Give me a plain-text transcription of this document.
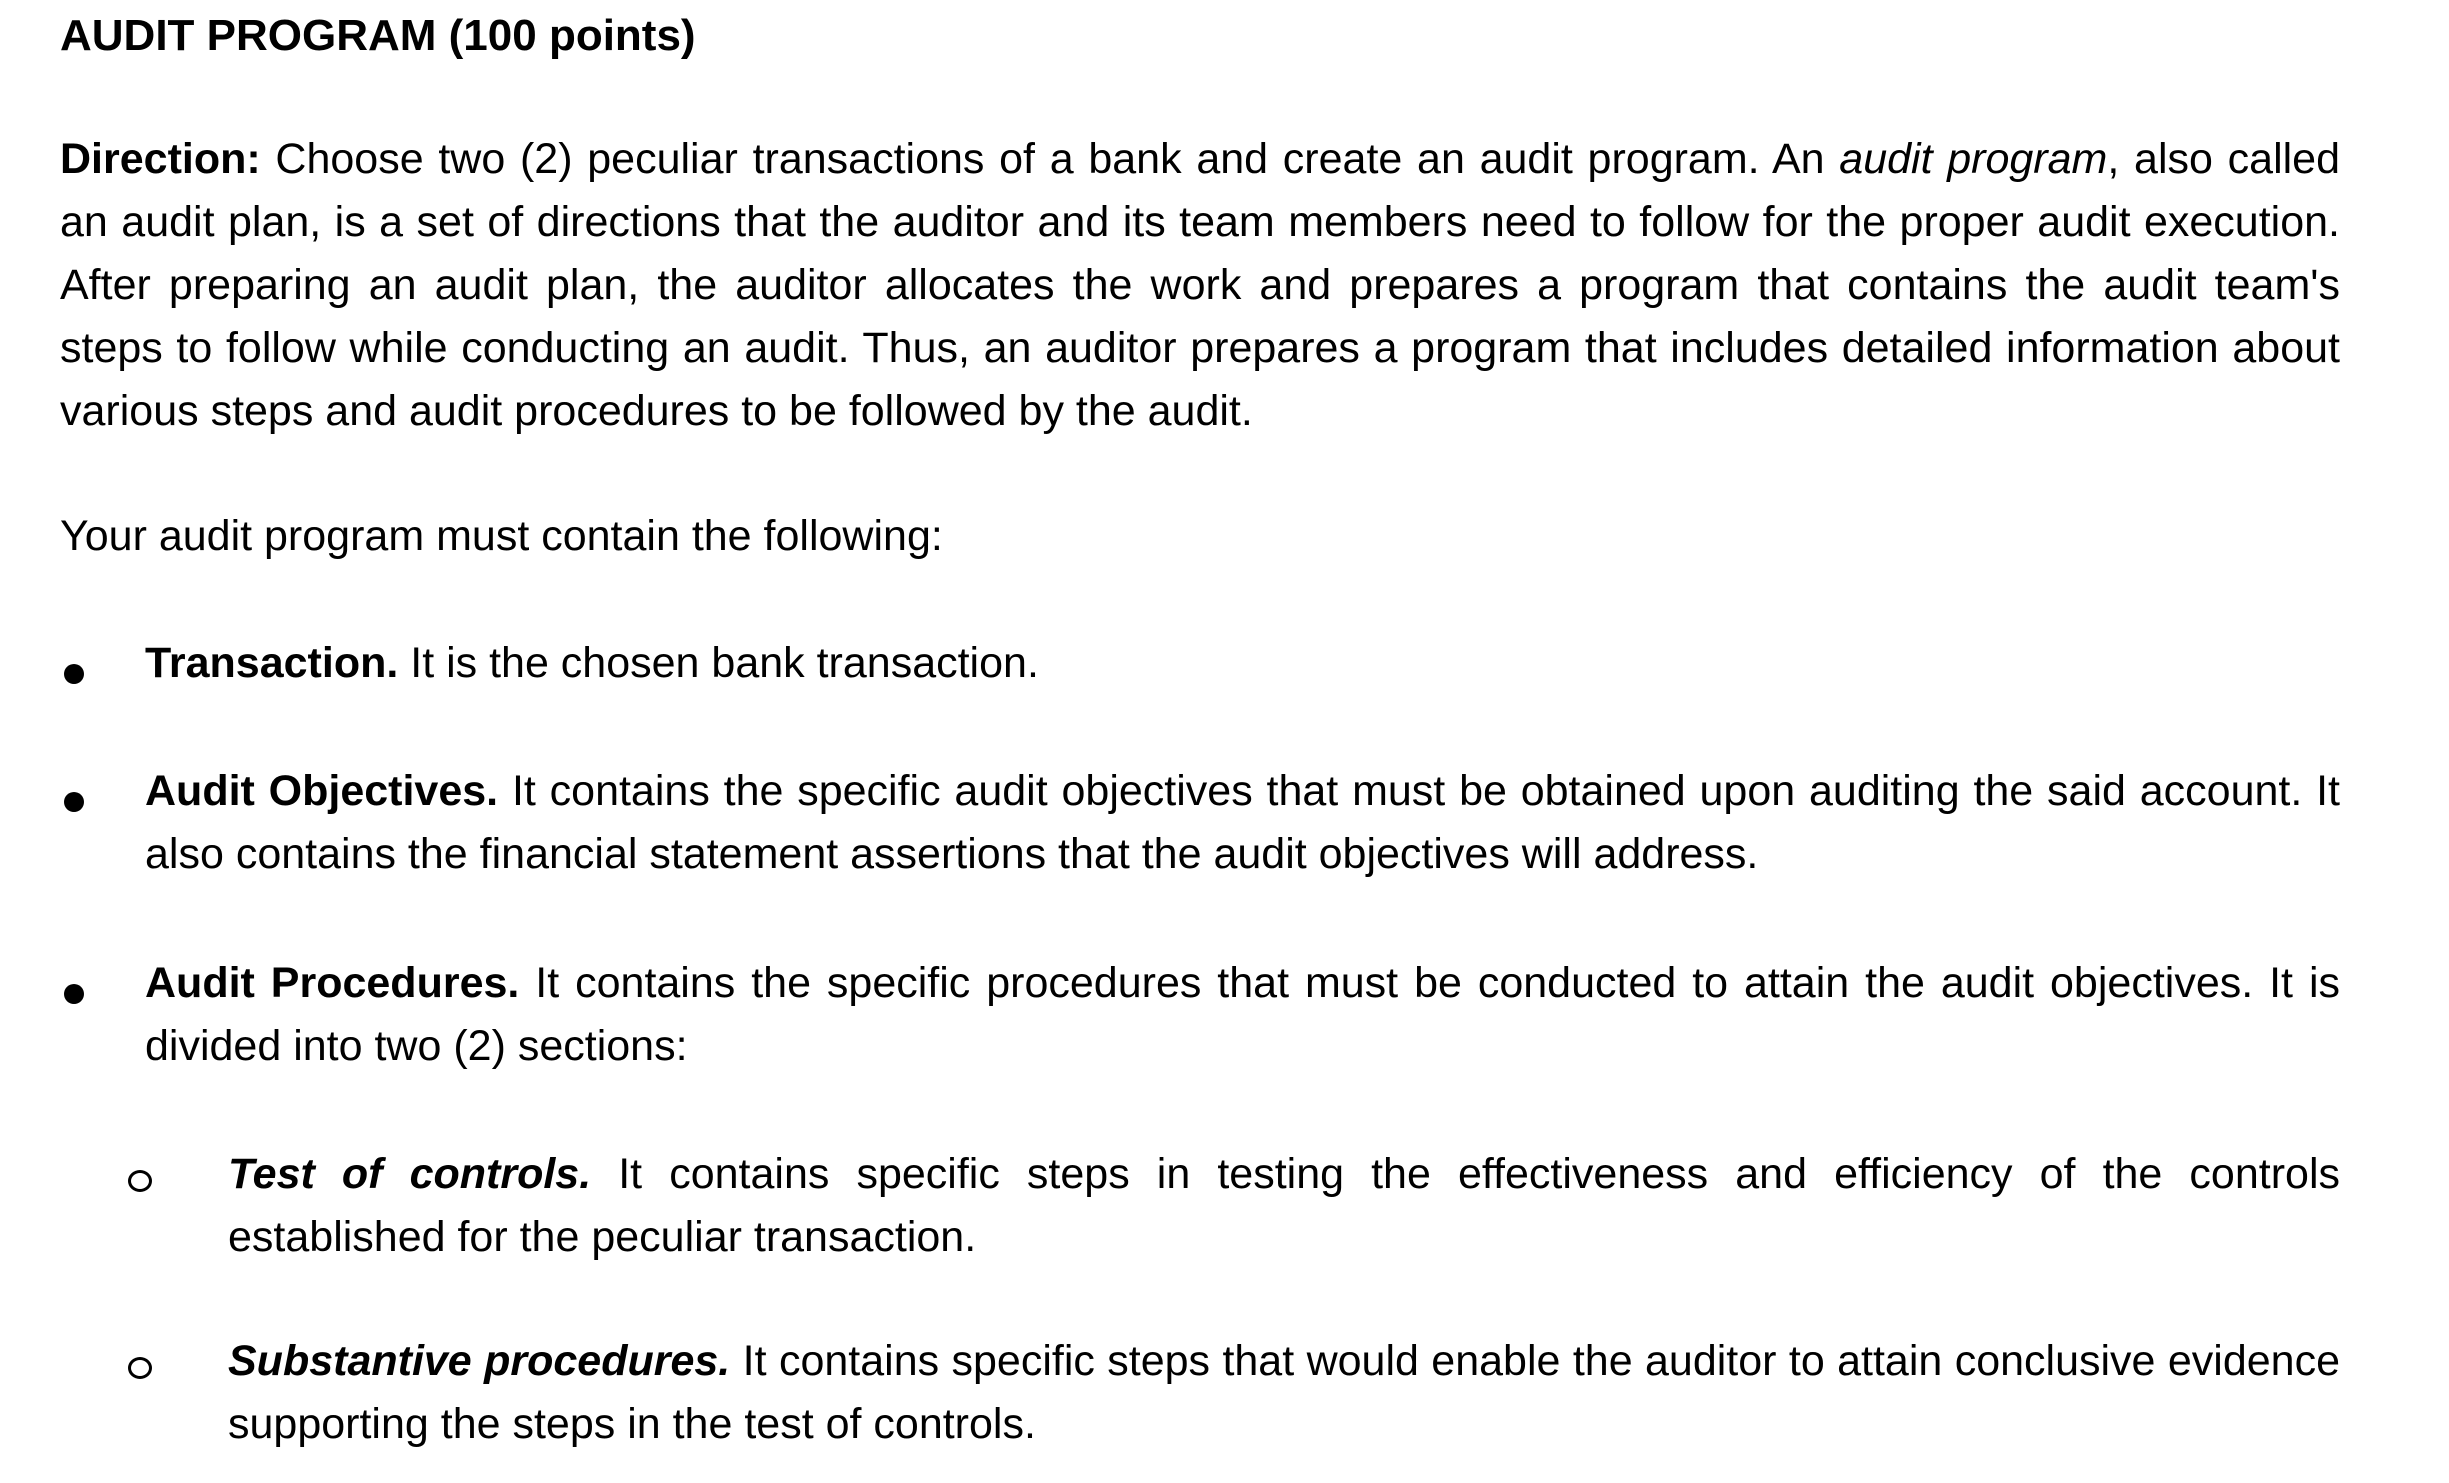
AUDIT PROGRAM (100 points)
Direction: Choose two (2) peculiar transactions of a bank and create an audit program. An audit program, also called an audit plan, is a set of directions that the auditor and its team members need to follow for the proper audit execution. After preparing an audit plan, the auditor allocates the work and prepares a program that contains the audit team's steps to follow while conducting an audit. Thus, an auditor prepares a program that includes detailed information about various steps and audit procedures to be followed by the audit.
Your audit program must contain the following:
Transaction. It is the chosen bank transaction.
Audit Objectives. It contains the specific audit objectives that must be obtained upon auditing the said account. It also contains the financial statement assertions that the audit objectives will address.
Audit Procedures. It contains the specific procedures that must be conducted to attain the audit objectives. It is divided into two (2) sections:
Test of controls. It contains specific steps in testing the effectiveness and efficiency of the controls established for the peculiar transaction.
Substantive procedures. It contains specific steps that would enable the auditor to attain conclusive evidence supporting the steps in the test of controls.
